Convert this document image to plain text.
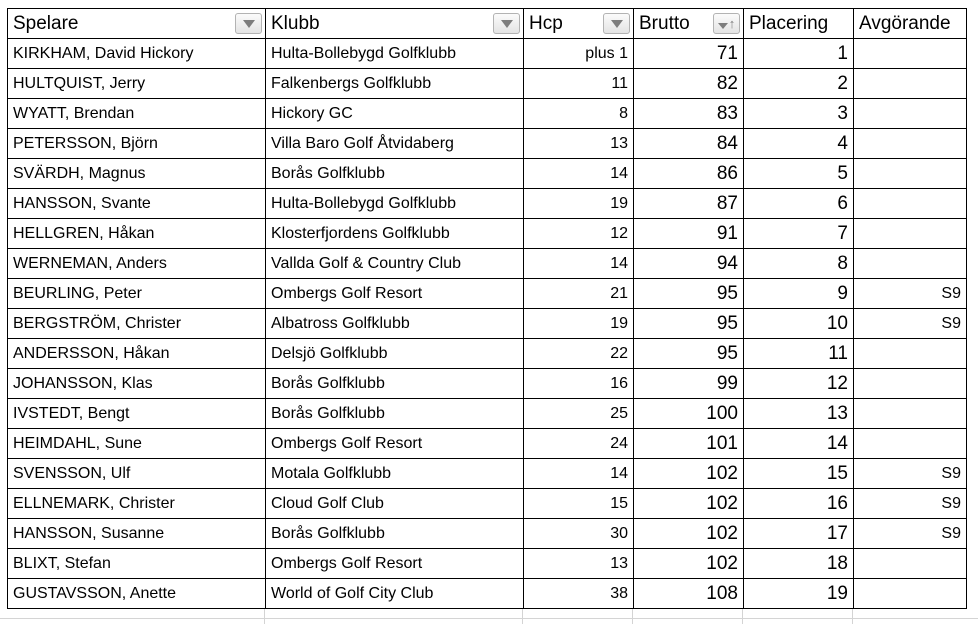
Spelare	Klubb	Hcp	Brutto ↑	Placering	Avgörande
KIRKHAM, David Hickory	Hulta-Bollebygd Golfklubb	plus 1	71	1	
HULTQUIST, Jerry	Falkenbergs Golfklubb	11	82	2	
WYATT, Brendan	Hickory GC	8	83	3	
PETERSSON, Björn	Villa Baro Golf Åtvidaberg	13	84	4	
SVÄRDH, Magnus	Borås Golfklubb	14	86	5	
HANSSON, Svante	Hulta-Bollebygd Golfklubb	19	87	6	
HELLGREN, Håkan	Klosterfjordens Golfklubb	12	91	7	
WERNEMAN, Anders	Vallda Golf & Country Club	14	94	8	
BEURLING, Peter	Ombergs Golf Resort	21	95	9	S9
BERGSTRÖM, Christer	Albatross Golfklubb	19	95	10	S9
ANDERSSON, Håkan	Delsjö Golfklubb	22	95	11	
JOHANSSON, Klas	Borås Golfklubb	16	99	12	
IVSTEDT, Bengt	Borås Golfklubb	25	100	13	
HEIMDAHL, Sune	Ombergs Golf Resort	24	101	14	
SVENSSON, Ulf	Motala Golfklubb	14	102	15	S9
ELLNEMARK, Christer	Cloud Golf Club	15	102	16	S9
HANSSON, Susanne	Borås Golfklubb	30	102	17	S9
BLIXT, Stefan	Ombergs Golf Resort	13	102	18	
GUSTAVSSON, Anette	World of Golf City Club	38	108	19	
